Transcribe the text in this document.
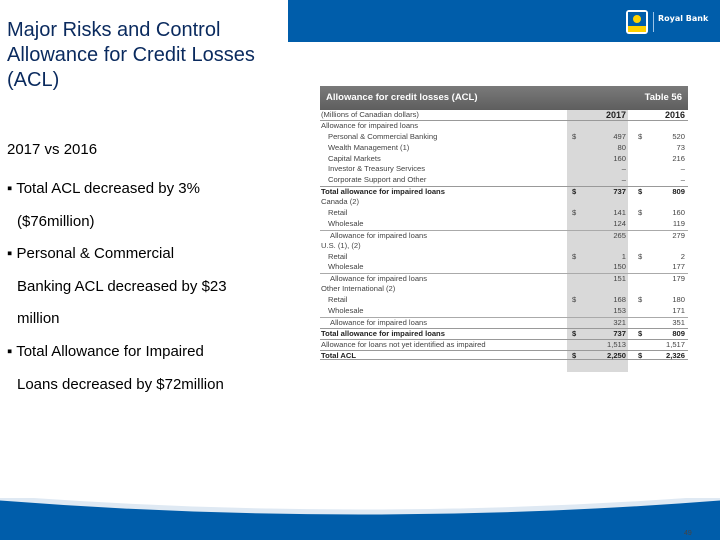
Royal Bank
Major Risks and Control
Allowance for Credit Losses
(ACL)
2017 vs 2016
▪ Total ACL decreased by 3%
($76million)
▪ Personal & Commercial
Banking ACL decreased by $23
million
▪ Total Allowance for Impaired
Loans decreased by $72million
Allowance for credit losses (ACL)	Table 56
(Millions of Canadian dollars)	2017	2016
Allowance for impaired loans
Personal & Commercial Banking	$	497 $	520
Wealth Management (1)	80	73
Capital Markets	160	216
Investor & Treasury Services	–	–
Corporate Support and Other	–	–
Total allowance for impaired loans	$	737 $	809
Canada (2)
Retail	$	141 $	160
Wholesale	124	119
Allowance for impaired loans	265	279
U.S. (1), (2)
Retail	$	1 $	2
Wholesale	150	177
Allowance for impaired loans	151	179
Other International (2)
Retail	$	168 $	180
Wholesale	153	171
Allowance for impaired loans	321	351
Total allowance for impaired loans	$	737 $	809
Allowance for loans not yet identified as impaired	1,513	1,517
Total ACL	$	2,250 $	2,326
49
